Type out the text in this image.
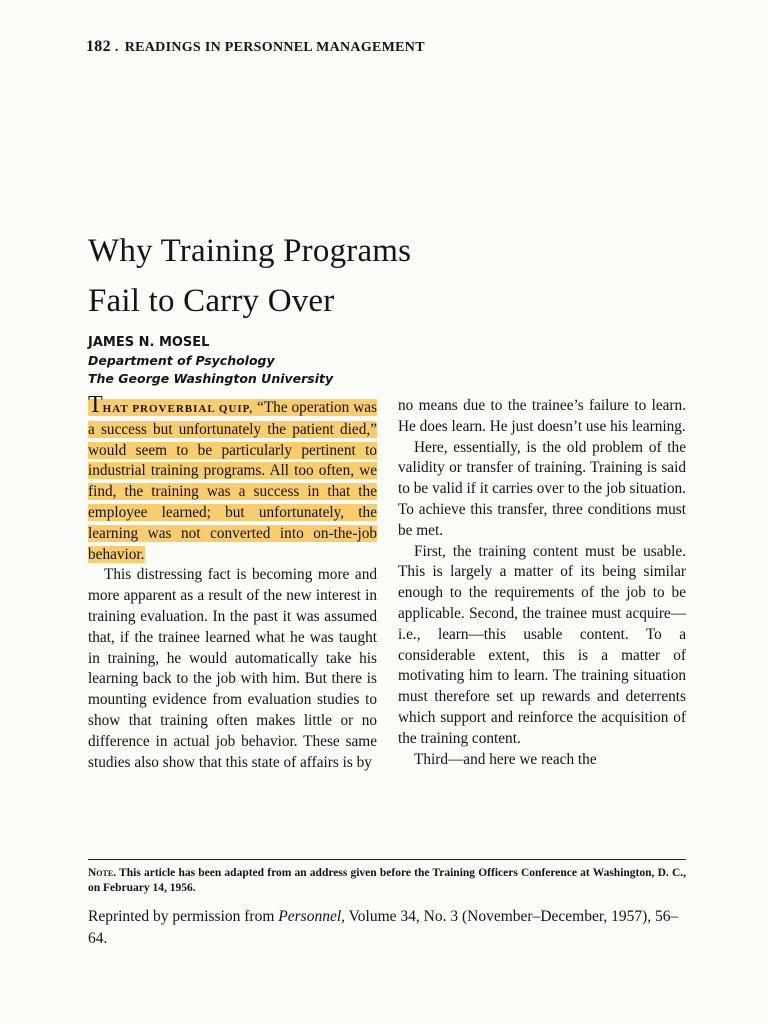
182 . READINGS IN PERSONNEL MANAGEMENT
Why Training Programs
Fail to Carry Over
JAMES N. MOSEL
Department of Psychology
The George Washington University

THAT PROVERBIAL QUIP, “The operation was a success but unfortunately the patient died,” would seem to be particularly pertinent to industrial training programs. All too often, we find, the training was a success in that the employee learned; but unfortunately, the learning was not converted into on-the-job behavior.

This distressing fact is becoming more and more apparent as a result of the new interest in training evaluation. In the past it was assumed that, if the trainee learned what he was taught in training, he would automatically take his learning back to the job with him. But there is mounting evidence from evaluation studies to show that training often makes little or no difference in actual job behavior. These same studies also show that this state of affairs is by

no means due to the trainee’s failure to learn. He does learn. He just doesn’t use his learning.

Here, essentially, is the old problem of the validity or transfer of training. Training is said to be valid if it carries over to the job situation. To achieve this transfer, three conditions must be met.

First, the training content must be usable. This is largely a matter of its being similar enough to the requirements of the job to be applicable. Second, the trainee must acquire—i.e., learn—this usable content. To a considerable extent, this is a matter of motivating him to learn. The training situation must therefore set up rewards and deterrents which support and reinforce the acquisition of the training content.

Third—and here we reach the

Note. This article has been adapted from an address given before the Training Officers Conference at Washington, D. C., on February 14, 1956.
Reprinted by permission from Personnel, Volume 34, No. 3 (November–December, 1957), 56–64.
